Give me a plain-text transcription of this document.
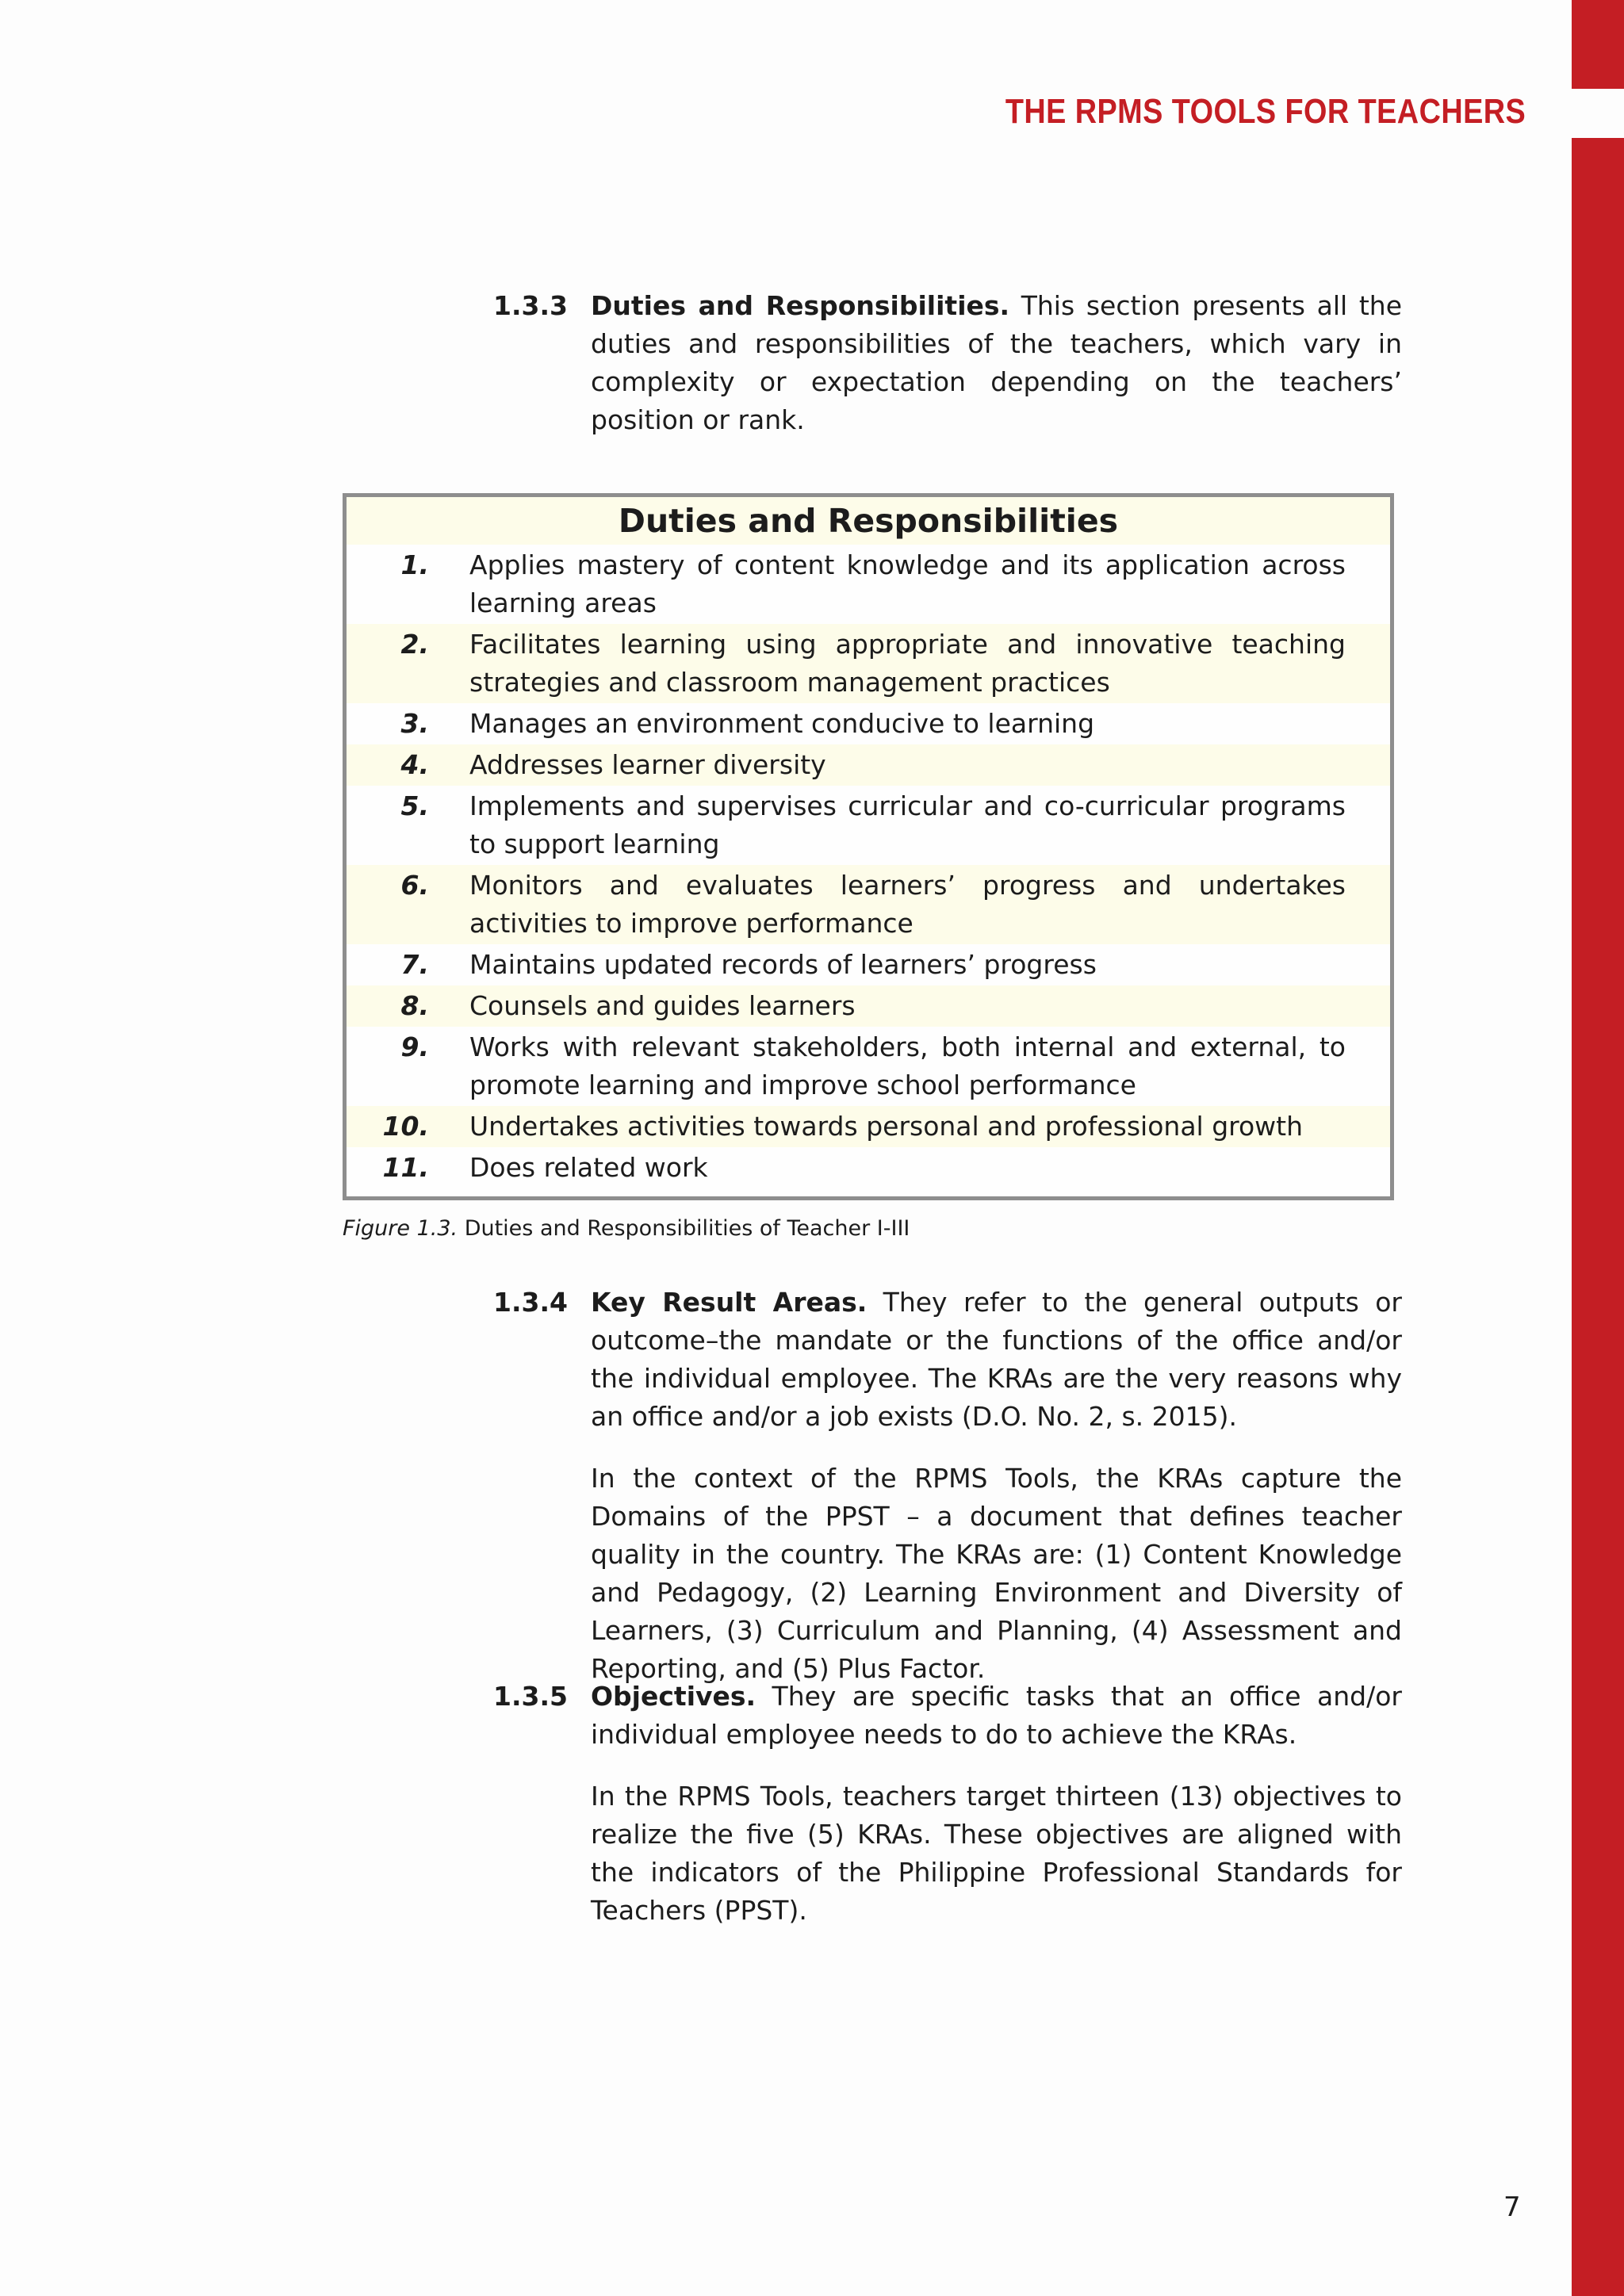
THE RPMS TOOLS FOR TEACHERS
1.3.3 Duties and Responsibilities. This section presents all the duties and responsibilities of the teachers, which vary in complexity or expectation depending on the teachers’ position or rank.
Duties and Responsibilities
1. Applies mastery of content knowledge and its application across learning areas
2. Facilitates learning using appropriate and innovative teaching strategies and classroom management practices
3. Manages an environment conducive to learning
4. Addresses learner diversity
5. Implements and supervises curricular and co-curricular programs to support learning
6. Monitors and evaluates learners’ progress and undertakes activities to improve performance
7. Maintains updated records of learners’ progress
8. Counsels and guides learners
9. Works with relevant stakeholders, both internal and external, to promote learning and improve school performance
10. Undertakes activities towards personal and professional growth
11. Does related work
Figure 1.3. Duties and Responsibilities of Teacher I-III
1.3.4 Key Result Areas. They refer to the general outputs or outcome–the mandate or the functions of the office and/or the individual employee. The KRAs are the very reasons why an office and/or a job exists (D.O. No. 2, s. 2015).
In the context of the RPMS Tools, the KRAs capture the Domains of the PPST – a document that defines teacher quality in the country. The KRAs are: (1) Content Knowledge and Pedagogy, (2) Learning Environment and Diversity of Learners, (3) Curriculum and Planning, (4) Assessment and Reporting, and (5) Plus Factor.
1.3.5 Objectives. They are specific tasks that an office and/or individual employee needs to do to achieve the KRAs.
In the RPMS Tools, teachers target thirteen (13) objectives to realize the five (5) KRAs. These objectives are aligned with the indicators of the Philippine Professional Standards for Teachers (PPST).
7
